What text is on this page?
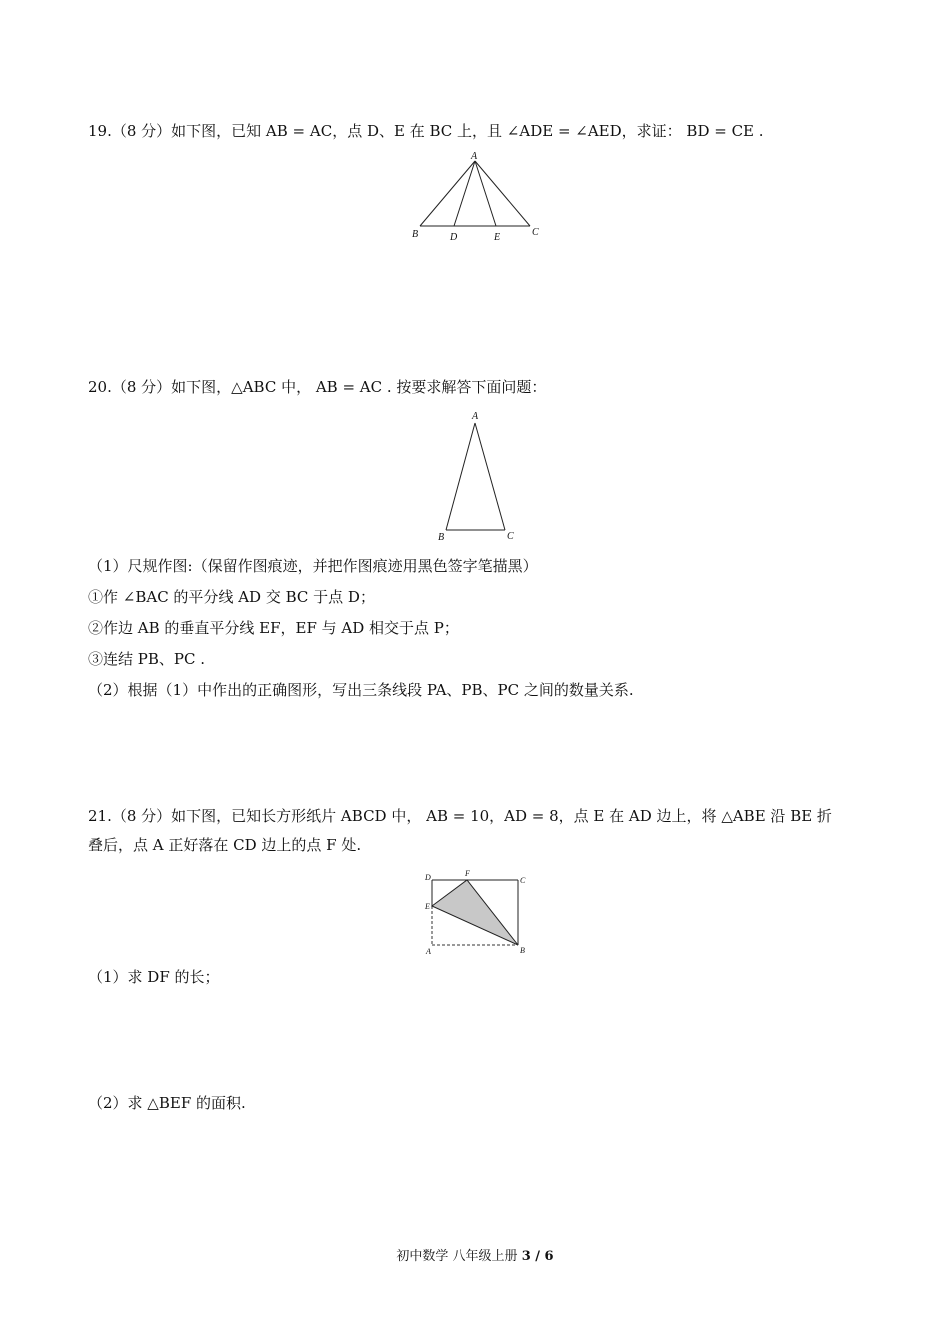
19.（8 分）如下图，已知 AB = AC，点 D、E 在 BC 上，且 ∠ADE = ∠AED，求证： BD = CE .
A
B	D	E	C
20.（8 分）如下图，△ABC 中， AB = AC . 按要求解答下面问题：
A
B	C
（1）尺规作图:（保留作图痕迹，并把作图痕迹用黑色签字笔描黑）
①作 ∠BAC 的平分线 AD 交 BC 于点 D；
②作边 AB 的垂直平分线 EF，EF 与 AD 相交于点 P；
③连结 PB、PC .
（2）根据（1）中作出的正确图形，写出三条线段 PA、PB、PC 之间的数量关系.
21.（8 分）如下图，已知长方形纸片 ABCD 中， AB = 10，AD = 8，点 E 在 AD 边上，将 △ABE 沿 BE 折
叠后，点 A 正好落在 CD 边上的点 F 处.
D	F
C
E
A	B
（1）求 DF 的长；
（2）求 △BEF 的面积.
初中数学 八年级上册 3 / 6
